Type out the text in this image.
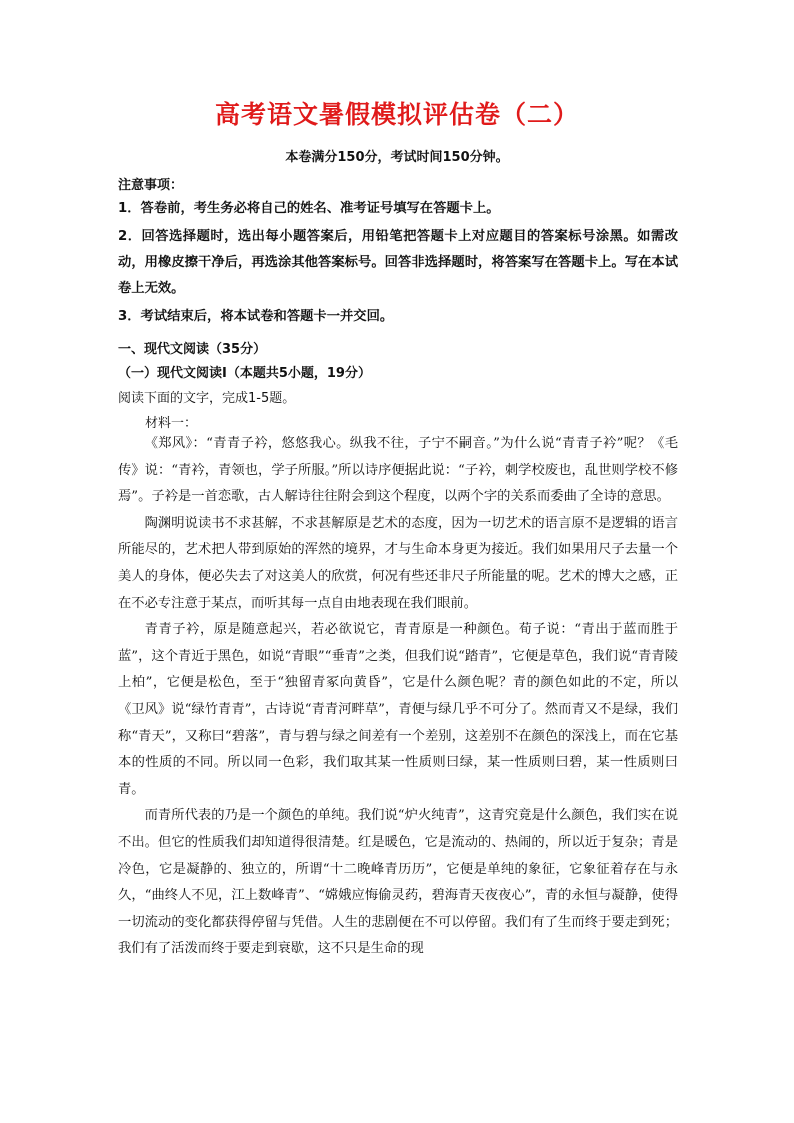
高考语文暑假模拟评估卷（二）
本卷满分150分，考试时间150分钟。
注意事项：

1．答卷前，考生务必将自己的姓名、准考证号填写在答题卡上。

2．回答选择题时，选出每小题答案后，用铅笔把答题卡上对应题目的答案标号涂黑。如需改动，用橡皮擦干净后，再选涂其他答案标号。回答非选择题时，将答案写在答题卡上。写在本试卷上无效。

3．考试结束后，将本试卷和答题卡一并交回。

一、现代文阅读（35分）
（一）现代文阅读Ⅰ（本题共5小题，19分）
阅读下面的文字，完成1-5题。
材料一：

《郑风》：“青青子衿，悠悠我心。纵我不往，子宁不嗣音。”为什么说“青青子衿”呢？《毛传》说：“青衿，青领也，学子所服。”所以诗序便据此说：“子衿，刺学校废也，乱世则学校不修焉”。子衿是一首恋歌，古人解诗往往附会到这个程度，以两个字的关系而委曲了全诗的意思。

陶渊明说读书不求甚解，不求甚解原是艺术的态度，因为一切艺术的语言原不是逻辑的语言所能尽的，艺术把人带到原始的浑然的境界，才与生命本身更为接近。我们如果用尺子去量一个美人的身体，便必失去了对这美人的欣赏，何况有些还非尺子所能量的呢。艺术的博大之感，正在不必专注意于某点，而听其每一点自由地表现在我们眼前。

青青子衿，原是随意起兴，若必欲说它，青青原是一种颜色。荀子说：“青出于蓝而胜于蓝”，这个青近于黑色，如说“青眼”“垂青”之类，但我们说“踏青”，它便是草色，我们说“青青陵上柏”，它便是松色，至于“独留青冢向黄昏”，它是什么颜色呢？青的颜色如此的不定，所以《卫风》说“绿竹青青”，古诗说“青青河畔草”，青便与绿几乎不可分了。然而青又不是绿，我们称“青天”，又称曰“碧落”，青与碧与绿之间差有一个差别，这差别不在颜色的深浅上，而在它基本的性质的不同。所以同一色彩，我们取其某一性质则曰绿，某一性质则曰碧，某一性质则曰青。

而青所代表的乃是一个颜色的单纯。我们说“炉火纯青”，这青究竟是什么颜色，我们实在说不出。但它的性质我们却知道得很清楚。红是暖色，它是流动的、热闹的，所以近于复杂；青是冷色，它是凝静的、独立的，所谓“十二晚峰青历历”，它便是单纯的象征，它象征着存在与永久，“曲终人不见，江上数峰青”、“嫦娥应悔偷灵药，碧海青天夜夜心”，青的永恒与凝静，使得一切流动的变化都获得停留与凭借。人生的悲剧便在不可以停留。我们有了生而终于要走到死；我们有了活泼而终于要走到衰歇，这不只是生命的现
